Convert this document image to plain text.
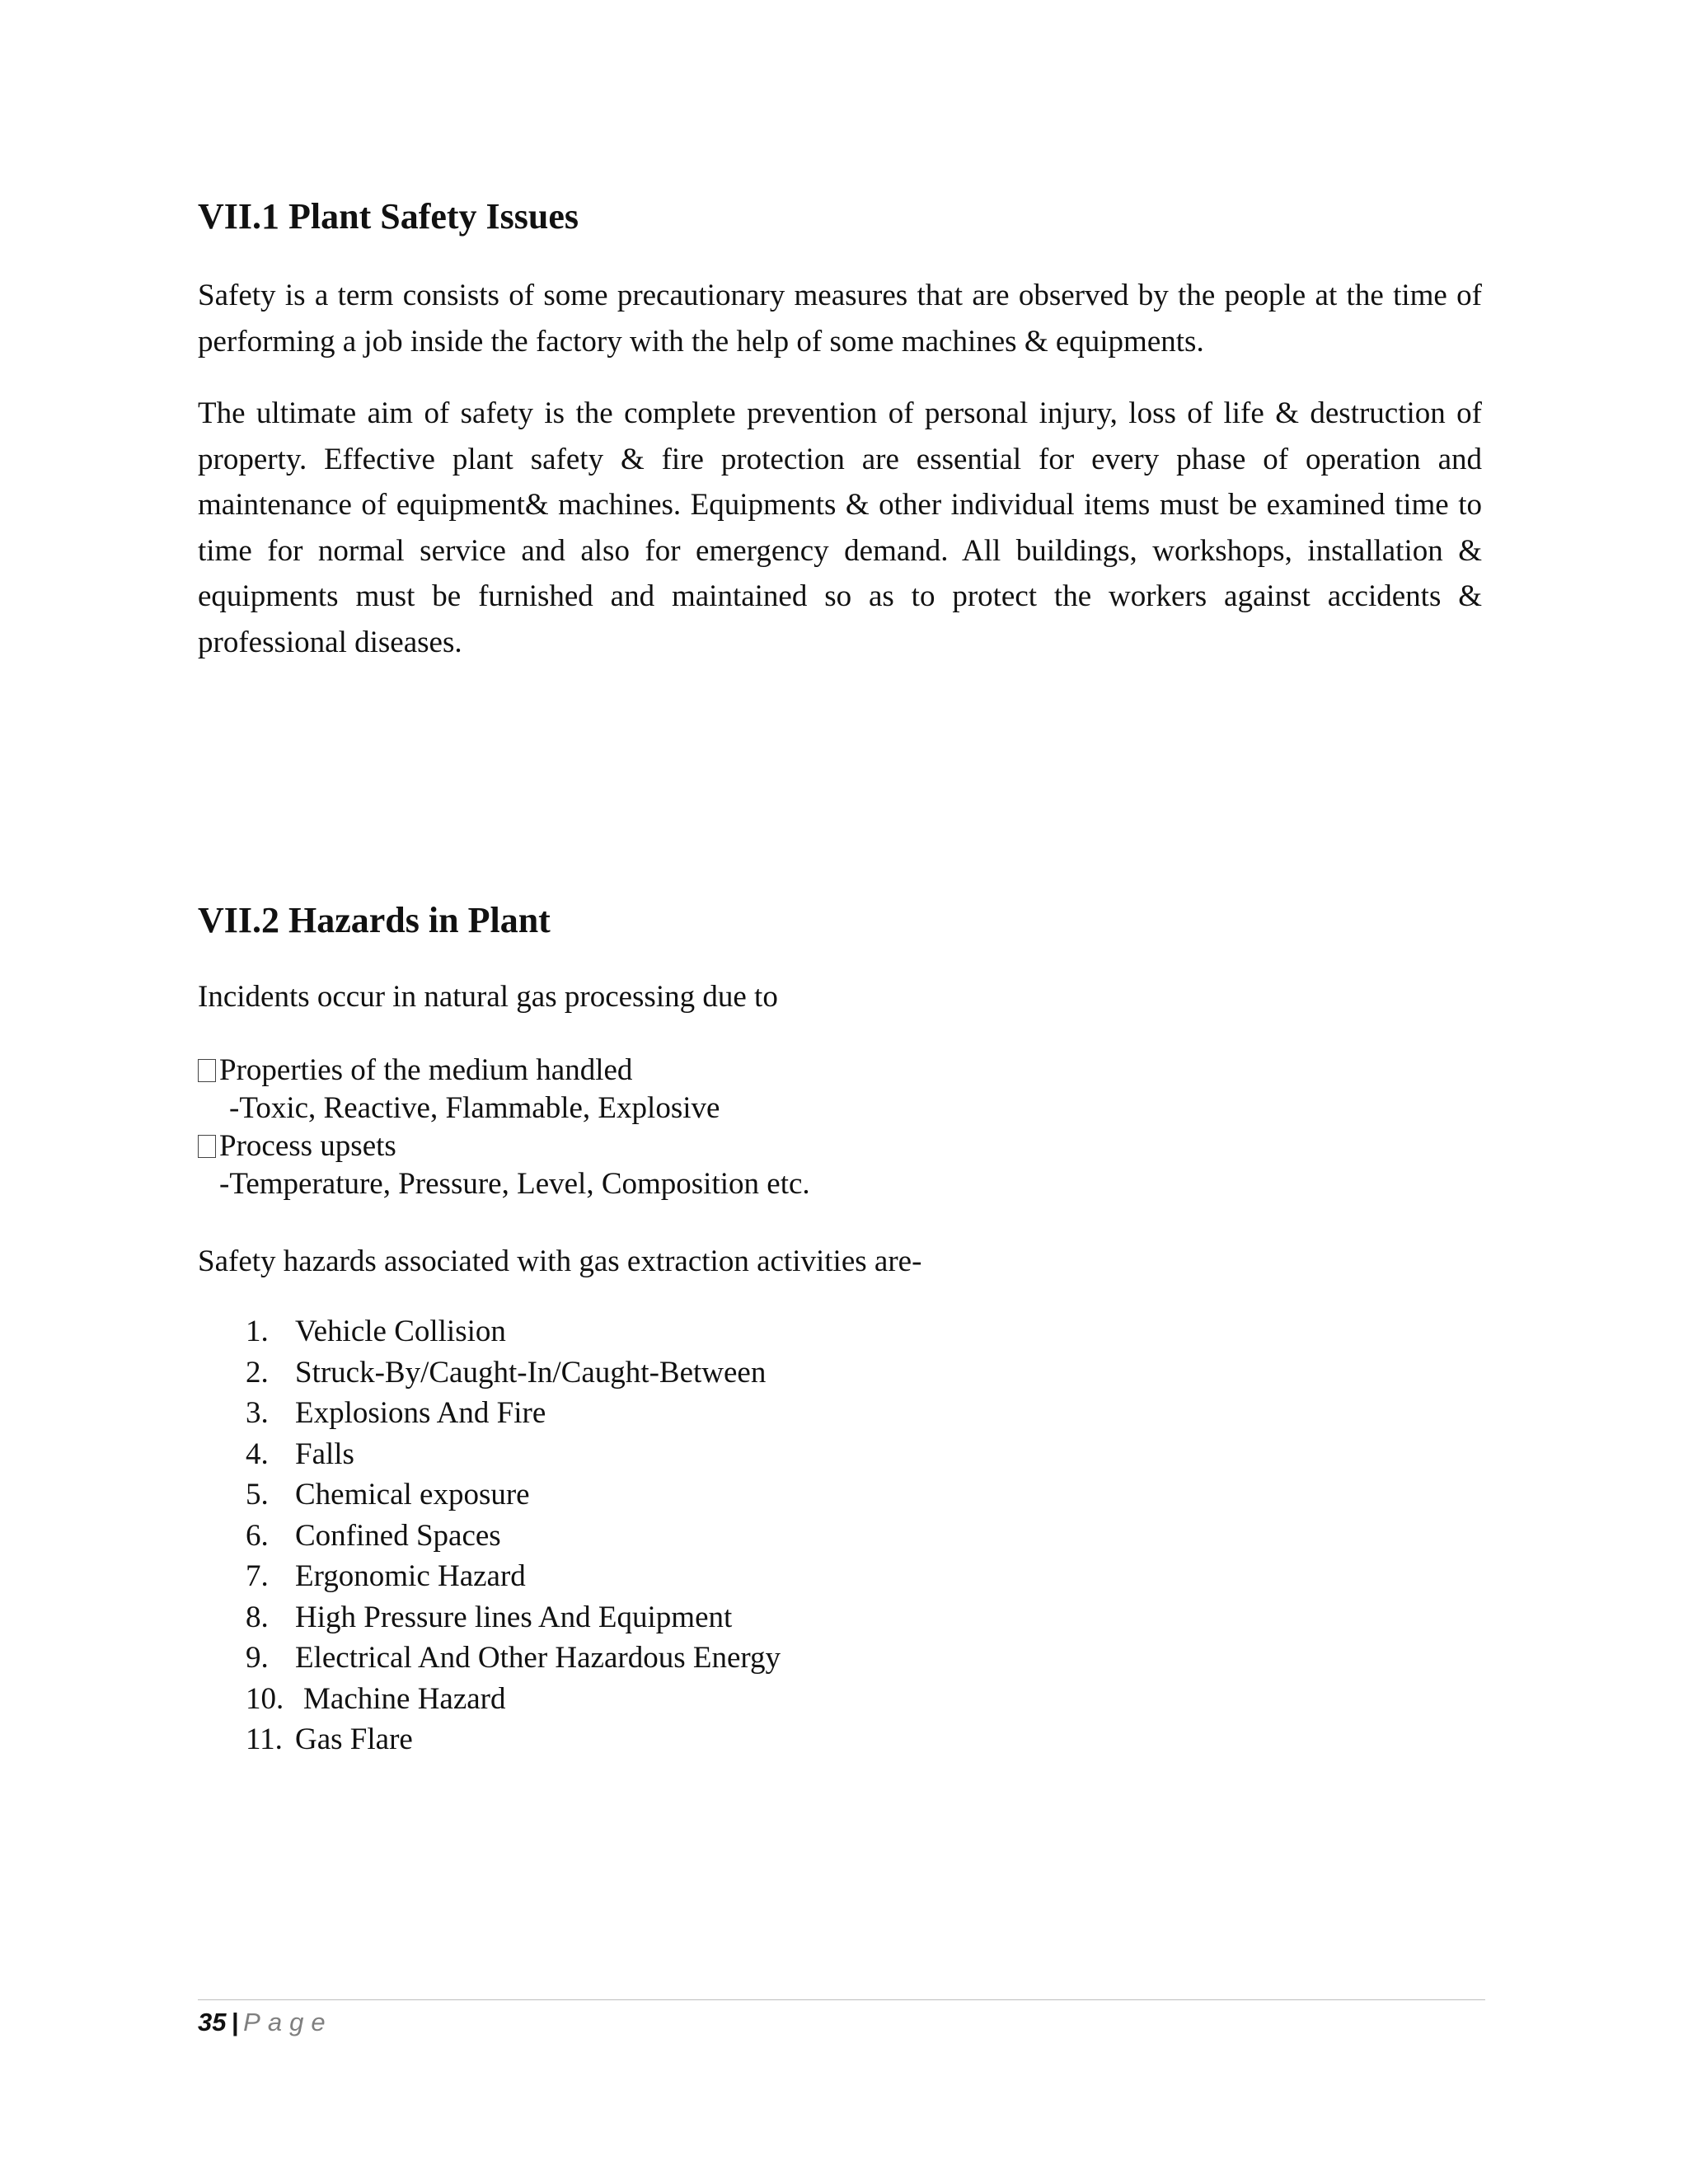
VII.1 Plant Safety Issues

Safety is a term consists of some precautionary measures that are observed by the people at the time of performing a job inside the factory with the help of some machines & equipments.

The ultimate aim of safety is the complete prevention of personal injury, loss of life & destruction of property. Effective plant safety & fire protection are essential for every phase of operation and maintenance of equipment& machines. Equipments & other individual items must be examined time to time for normal service and also for emergency demand. All buildings, workshops, installation & equipments must be furnished and maintained so as to protect the workers against accidents & professional diseases.

VII.2 Hazards in Plant

Incidents occur in natural gas processing due to

Properties of the medium handled

-Toxic, Reactive, Flammable, Explosive

Process upsets

-Temperature, Pressure, Level, Composition etc.

Safety hazards associated with gas extraction activities are-

1. Vehicle Collision
2. Struck-By/Caught-In/Caught-Between
3. Explosions And Fire
4. Falls
5. Chemical exposure
6. Confined Spaces
7. Ergonomic Hazard
8. High Pressure lines And Equipment
9. Electrical And Other Hazardous Energy
10. Machine Hazard
11. Gas Flare
35 | Page
